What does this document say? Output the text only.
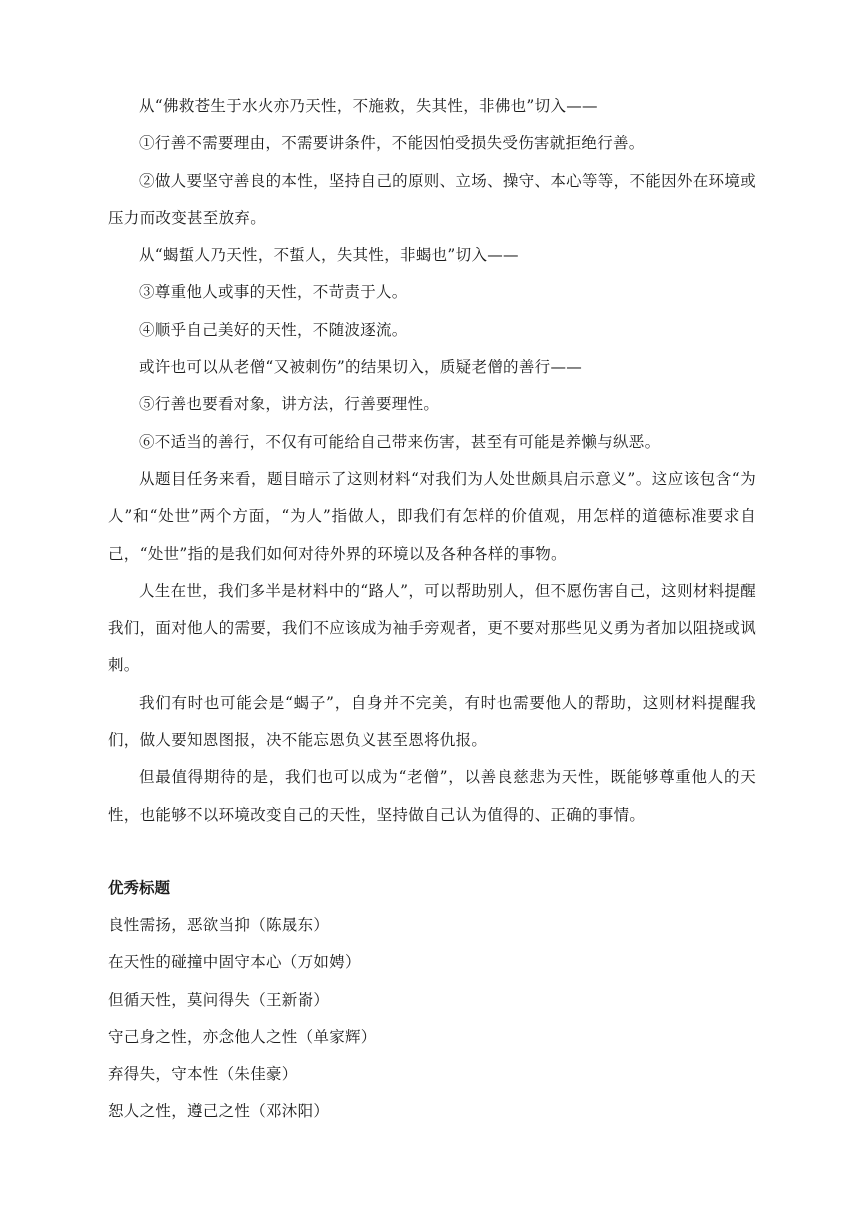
从“佛救苍生于水火亦乃天性，不施救，失其性，非佛也”切入——

①行善不需要理由，不需要讲条件，不能因怕受损失受伤害就拒绝行善。

②做人要坚守善良的本性，坚持自己的原则、立场、操守、本心等等，不能因外在环境或压力而改变甚至放弃。

从“蝎蜇人乃天性，不蜇人，失其性，非蝎也”切入——

③尊重他人或事的天性，不苛责于人。

④顺乎自己美好的天性，不随波逐流。

或许也可以从老僧“又被刺伤”的结果切入，质疑老僧的善行——

⑤行善也要看对象，讲方法，行善要理性。

⑥不适当的善行，不仅有可能给自己带来伤害，甚至有可能是养懒与纵恶。

从题目任务来看，题目暗示了这则材料“对我们为人处世颇具启示意义”。这应该包含“为人”和“处世”两个方面，“为人”指做人，即我们有怎样的价值观，用怎样的道德标准要求自己，“处世”指的是我们如何对待外界的环境以及各种各样的事物。

人生在世，我们多半是材料中的“路人”，可以帮助别人，但不愿伤害自己，这则材料提醒我们，面对他人的需要，我们不应该成为袖手旁观者，更不要对那些见义勇为者加以阻挠或讽刺。

我们有时也可能会是“蝎子”，自身并不完美，有时也需要他人的帮助，这则材料提醒我们，做人要知恩图报，决不能忘恩负义甚至恩将仇报。

但最值得期待的是，我们也可以成为“老僧”，以善良慈悲为天性，既能够尊重他人的天性，也能够不以环境改变自己的天性，坚持做自己认为值得的、正确的事情。

优秀标题
良性需扬，恶欲当抑（陈晟东）
在天性的碰撞中固守本心（万如娉）
但循天性，莫问得失（王新嵛）
守己身之性，亦念他人之性（单家辉）
弃得失，守本性（朱佳豪）
恕人之性，遵己之性（邓沐阳）
